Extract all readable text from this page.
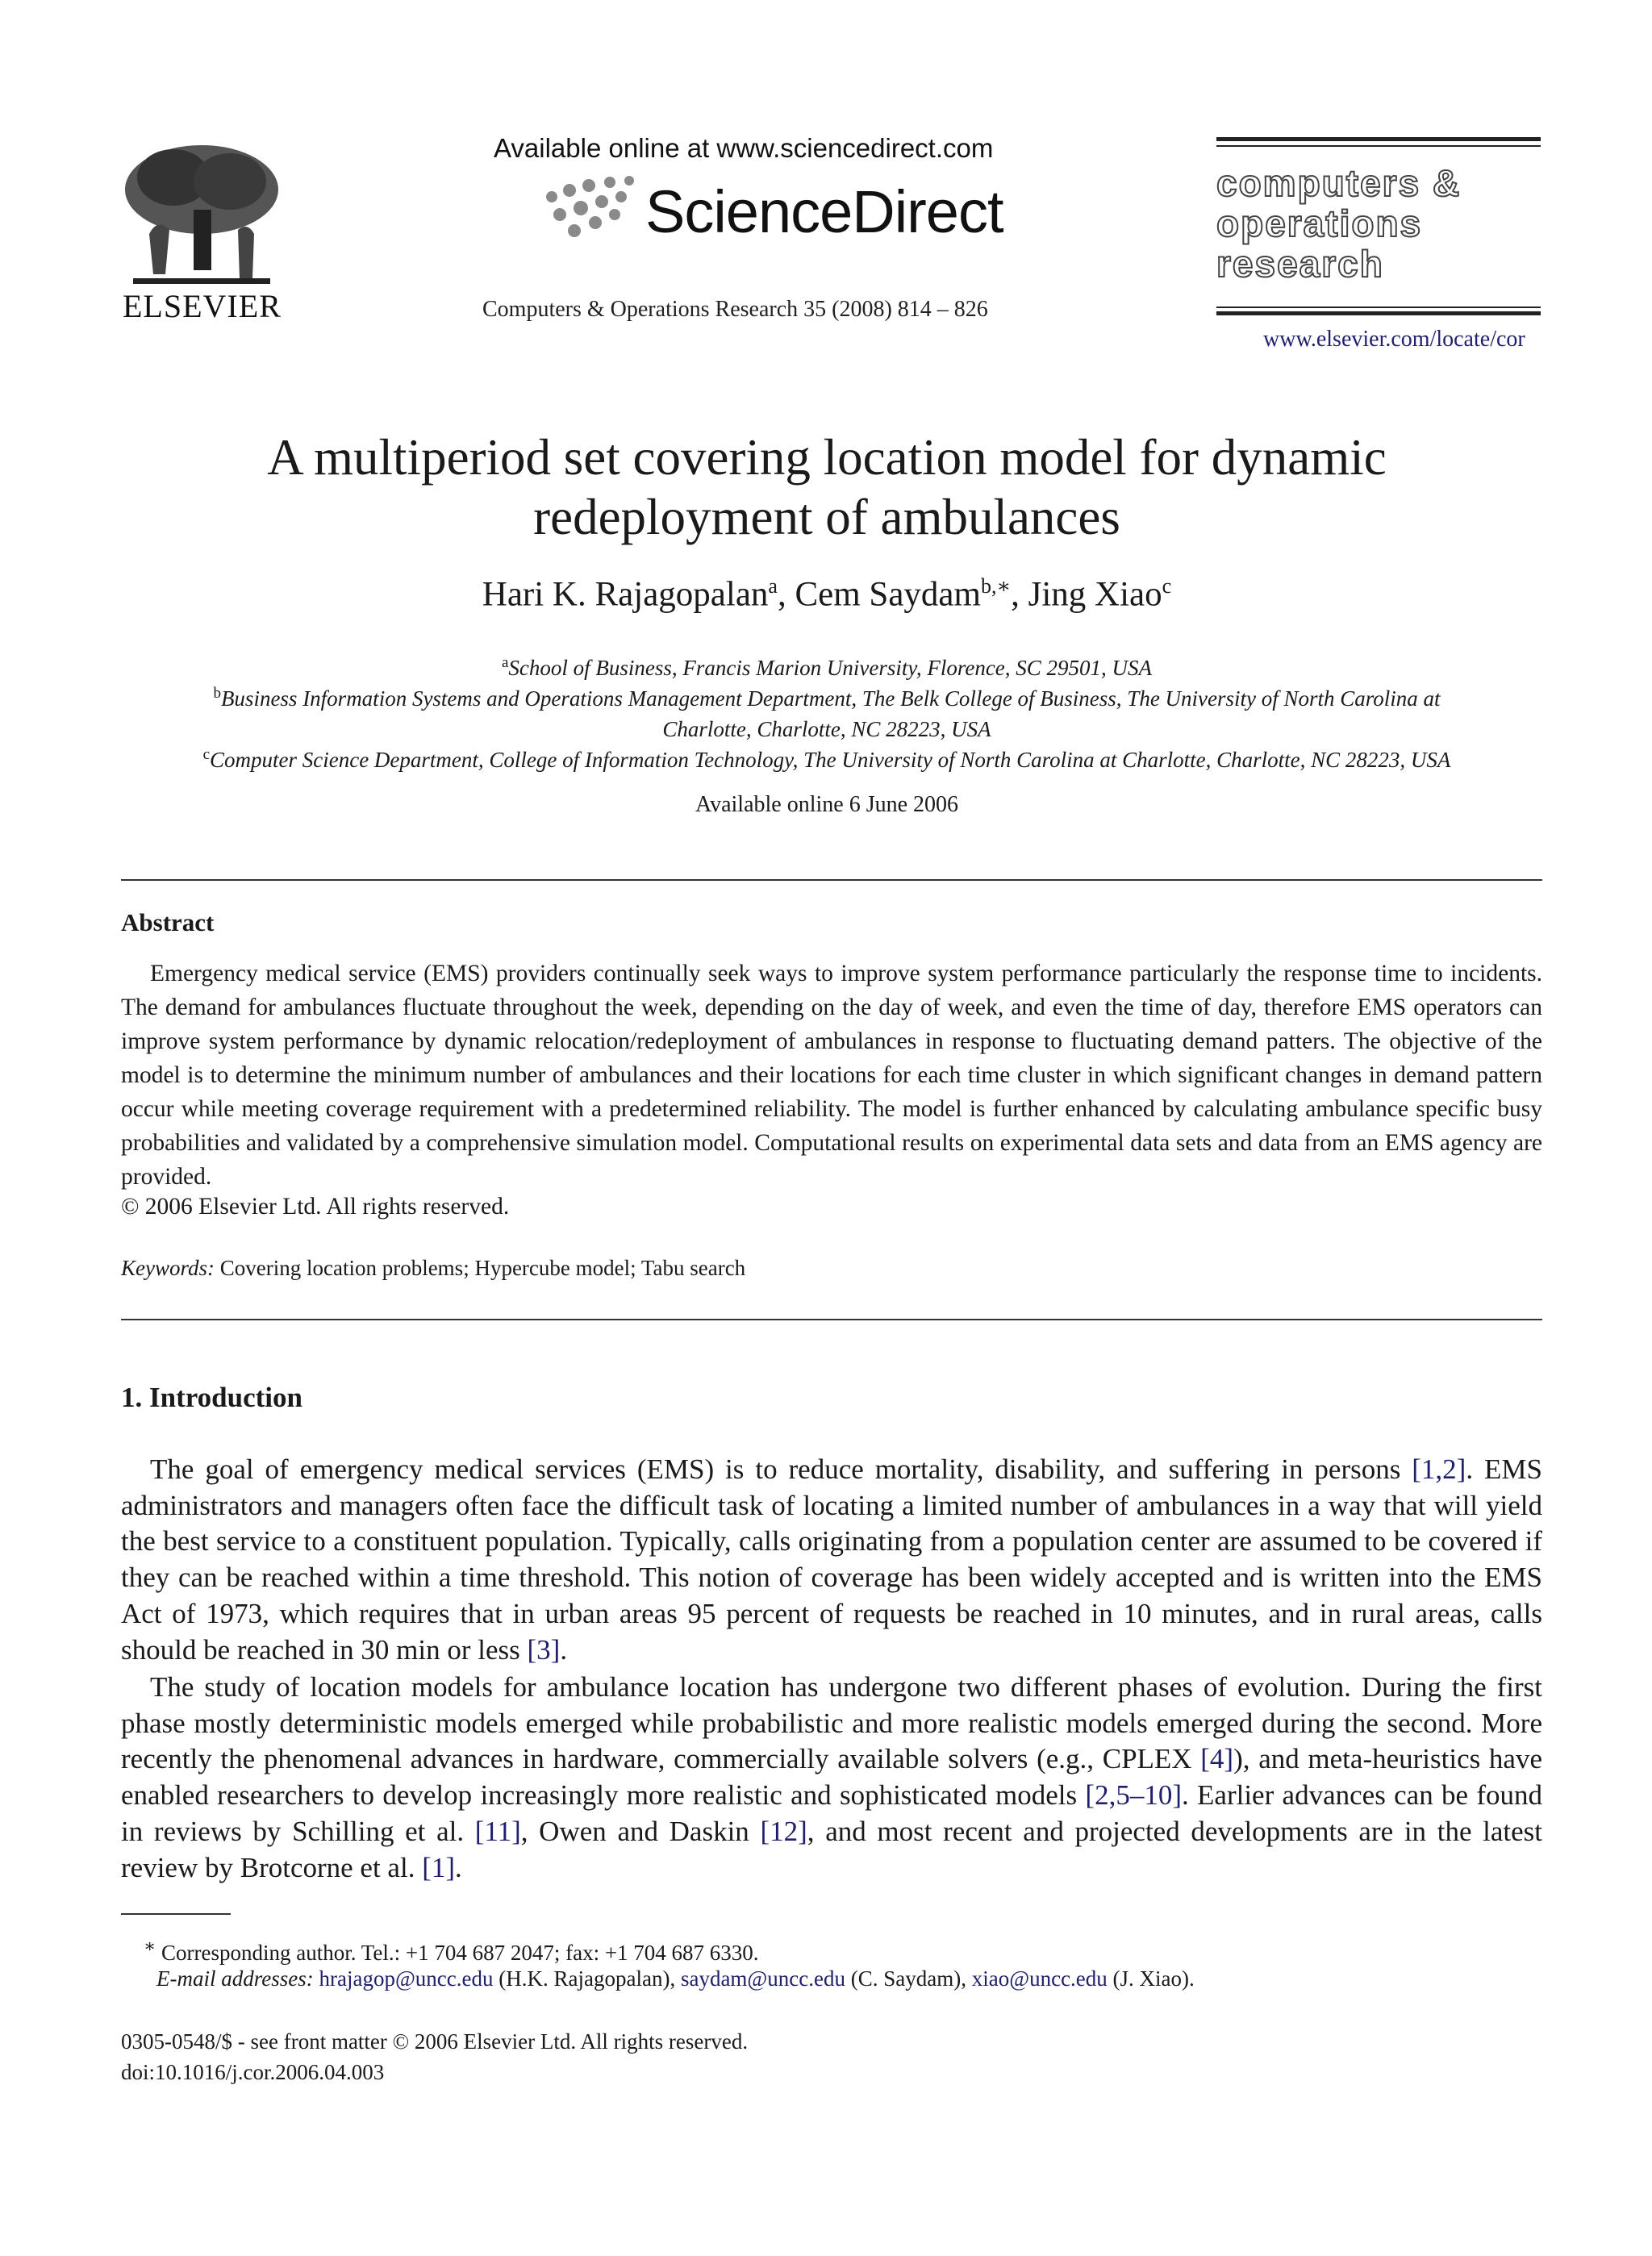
ELSEVIER
Available online at www.sciencedirect.com
ScienceDirect
Computers & Operations Research 35 (2008) 814 – 826
computers &
operations
research
www.elsevier.com/locate/cor
A multiperiod set covering location model for dynamic
redeployment of ambulances
Hari K. Rajagopalan$^a$, Cem Saydam$^{b,∗}$, Jing Xiao$^c$
$^a$School of Business, Francis Marion University, Florence, SC 29501, USA
$^b$Business Information Systems and Operations Management Department, The Belk College of Business, The University of North Carolina at
Charlotte, Charlotte, NC 28223, USA
$^c$Computer Science Department, College of Information Technology, The University of North Carolina at Charlotte, Charlotte, NC 28223, USA
Available online 6 June 2006
Abstract
Emergency medical service (EMS) providers continually seek ways to improve system performance particularly the response time to incidents. The demand for ambulances fluctuate throughout the week, depending on the day of week, and even the time of day, therefore EMS operators can improve system performance by dynamic relocation/redeployment of ambulances in response to fluctuating demand patters. The objective of the model is to determine the minimum number of ambulances and their locations for each time cluster in which significant changes in demand pattern occur while meeting coverage requirement with a predetermined reliability. The model is further enhanced by calculating ambulance specific busy probabilities and validated by a comprehensive simulation model. Computational results on experimental data sets and data from an EMS agency are provided.
© 2006 Elsevier Ltd. All rights reserved.
Keywords: Covering location problems; Hypercube model; Tabu search
1. Introduction
The goal of emergency medical services (EMS) is to reduce mortality, disability, and suffering in persons [1,2]. EMS administrators and managers often face the difficult task of locating a limited number of ambulances in a way that will yield the best service to a constituent population. Typically, calls originating from a population center are assumed to be covered if they can be reached within a time threshold. This notion of coverage has been widely accepted and is written into the EMS Act of 1973, which requires that in urban areas 95 percent of requests be reached in 10 minutes, and in rural areas, calls should be reached in 30 min or less [3].
The study of location models for ambulance location has undergone two different phases of evolution. During the first phase mostly deterministic models emerged while probabilistic and more realistic models emerged during the second. More recently the phenomenal advances in hardware, commercially available solvers (e.g., CPLEX [4]), and meta-heuristics have enabled researchers to develop increasingly more realistic and sophisticated models [2,5–10]. Earlier advances can be found in reviews by Schilling et al. [11], Owen and Daskin [12], and most recent and projected developments are in the latest review by Brotcorne et al. [1].
∗ Corresponding author. Tel.: +1 704 687 2047; fax: +1 704 687 6330.
E-mail addresses: hrajagop@uncc.edu (H.K. Rajagopalan), saydam@uncc.edu (C. Saydam), xiao@uncc.edu (J. Xiao).
0305-0548/$ - see front matter © 2006 Elsevier Ltd. All rights reserved.
doi:10.1016/j.cor.2006.04.003
